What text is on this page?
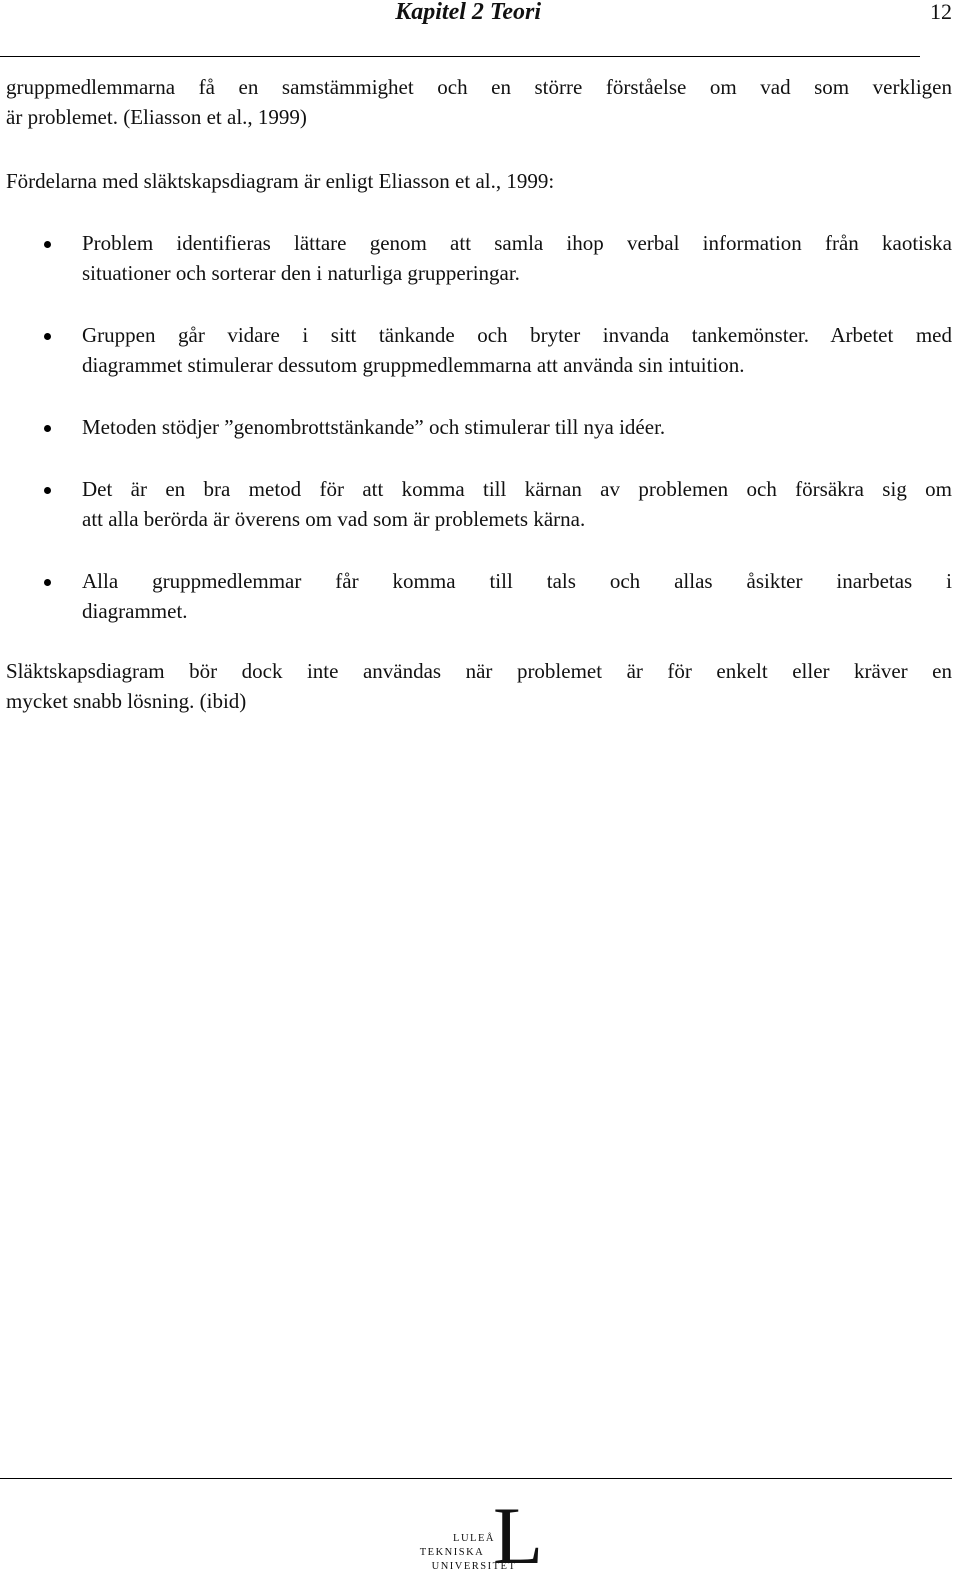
Kapitel 2 Teori	12
gruppmedlemmarna få en samstämmighet och en större förståelse om vad som verkligen
är problemet. (Eliasson et al., 1999)
Fördelarna med släktskapsdiagram är enligt Eliasson et al., 1999:
Problem identifieras lättare genom att samla ihop verbal information från kaotiska
situationer och sorterar den i naturliga grupperingar.
Gruppen går vidare i sitt tänkande och bryter invanda tankemönster. Arbetet med
diagrammet stimulerar dessutom gruppmedlemmarna att använda sin intuition.
Metoden stödjer ”genombrottstänkande” och stimulerar till nya idéer.
Det är en bra metod för att komma till kärnan av problemen och försäkra sig om
att alla berörda är överens om vad som är problemets kärna.
Alla gruppmedlemmar får komma till tals och allas åsikter inarbetas i
diagrammet.
Släktskapsdiagram bör dock inte användas när problemet är för enkelt eller kräver en
mycket snabb lösning. (ibid)
L
LULEÅ
TEKNISKA
UNIVERSITET
